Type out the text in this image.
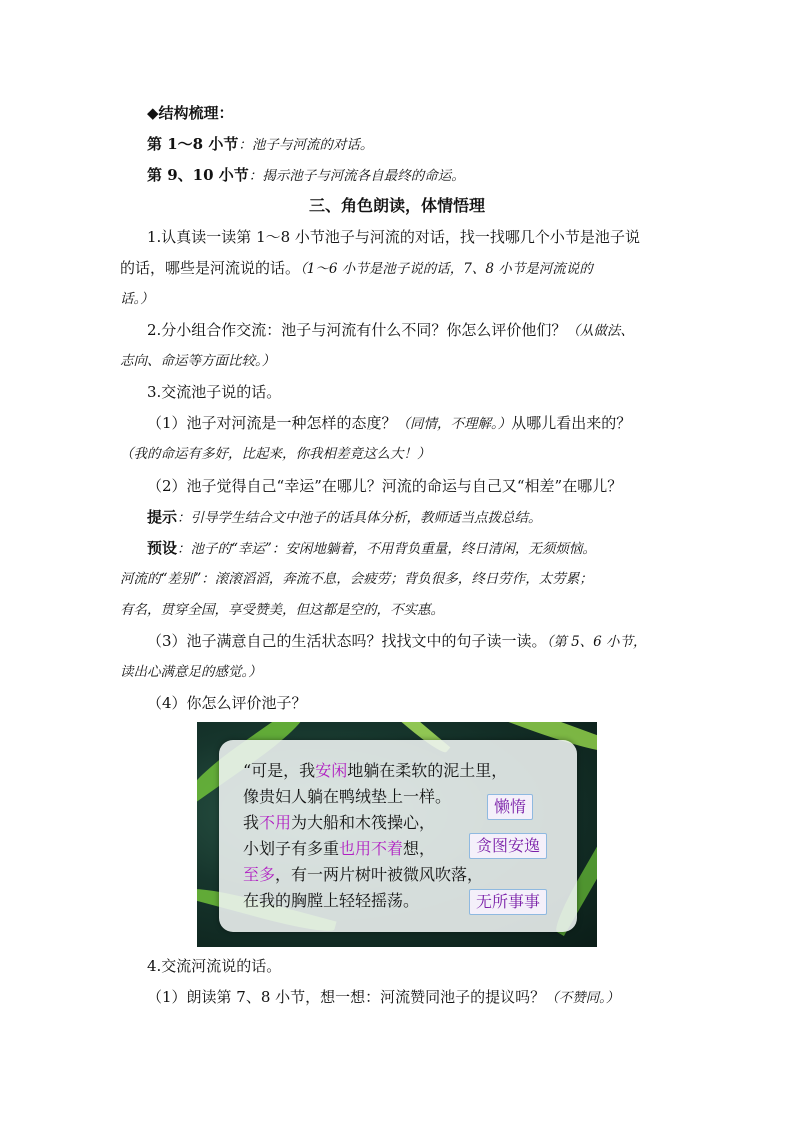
◆结构梳理：
第 1～8 小节：池子与河流的对话。
第 9、10 小节：揭示池子与河流各自最终的命运。
三、角色朗读，体情悟理
1.认真读一读第 1～8 小节池子与河流的对话，找一找哪几个小节是池子说
的话，哪些是河流说的话。（1～6 小节是池子说的话，7、8 小节是河流说的
话。）
2.分小组合作交流：池子与河流有什么不同？你怎么评价他们？（从做法、
志向、命运等方面比较。）
3.交流池子说的话。
（1）池子对河流是一种怎样的态度？（同情，不理解。）从哪儿看出来的？
（我的命运有多好，比起来，你我相差竟这么大！）
（2）池子觉得自己“幸运”在哪儿？河流的命运与自己又“相差”在哪儿？
提示：引导学生结合文中池子的话具体分析，教师适当点拨总结。
预设：池子的“幸运”：安闲地躺着，不用背负重量，终日清闲，无须烦恼。
河流的“差别”：滚滚滔滔，奔流不息，会疲劳；背负很多，终日劳作，太劳累；
有名，贯穿全国，享受赞美，但这都是空的，不实惠。
（3）池子满意自己的生活状态吗？找找文中的句子读一读。（第 5、6 小节，
读出心满意足的感觉。）
（4）你怎么评价池子？
“可是，我安闲地躺在柔软的泥土里，
像贵妇人躺在鸭绒垫上一样。
我不用为大船和木筏操心，
小划子有多重也用不着想，
至多，有一两片树叶被微风吹落，
在我的胸膛上轻轻摇荡。
懒惰
贪图安逸
无所事事
4.交流河流说的话。
（1）朗读第 7、8 小节，想一想：河流赞同池子的提议吗？（不赞同。）
